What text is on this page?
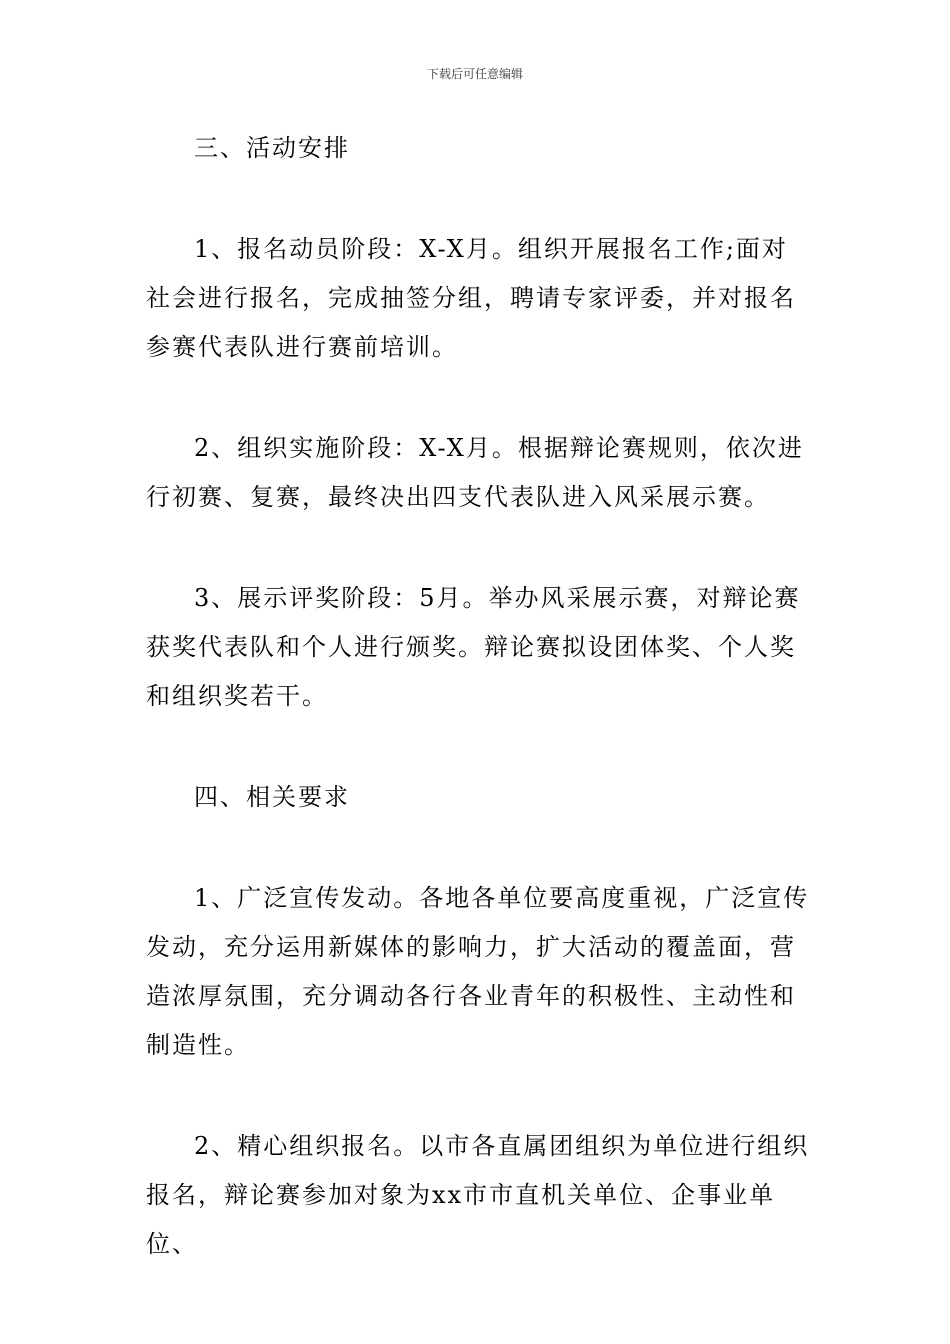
下载后可任意编辑

三、活动安排

1、报名动员阶段：X-X月。组织开展报名工作;面对社会进行报名，完成抽签分组，聘请专家评委，并对报名参赛代表队进行赛前培训。

2、组织实施阶段：X-X月。根据辩论赛规则，依次进行初赛、复赛，最终决出四支代表队进入风采展示赛。

3、展示评奖阶段：5月。举办风采展示赛，对辩论赛获奖代表队和个人进行颁奖。辩论赛拟设团体奖、个人奖和组织奖若干。

四、相关要求

1、广泛宣传发动。各地各单位要高度重视，广泛宣传发动，充分运用新媒体的影响力，扩大活动的覆盖面，营造浓厚氛围，充分调动各行各业青年的积极性、主动性和制造性。

2、精心组织报名。以市各直属团组织为单位进行组织报名，辩论赛参加对象为xx市市直机关单位、企事业单位、
